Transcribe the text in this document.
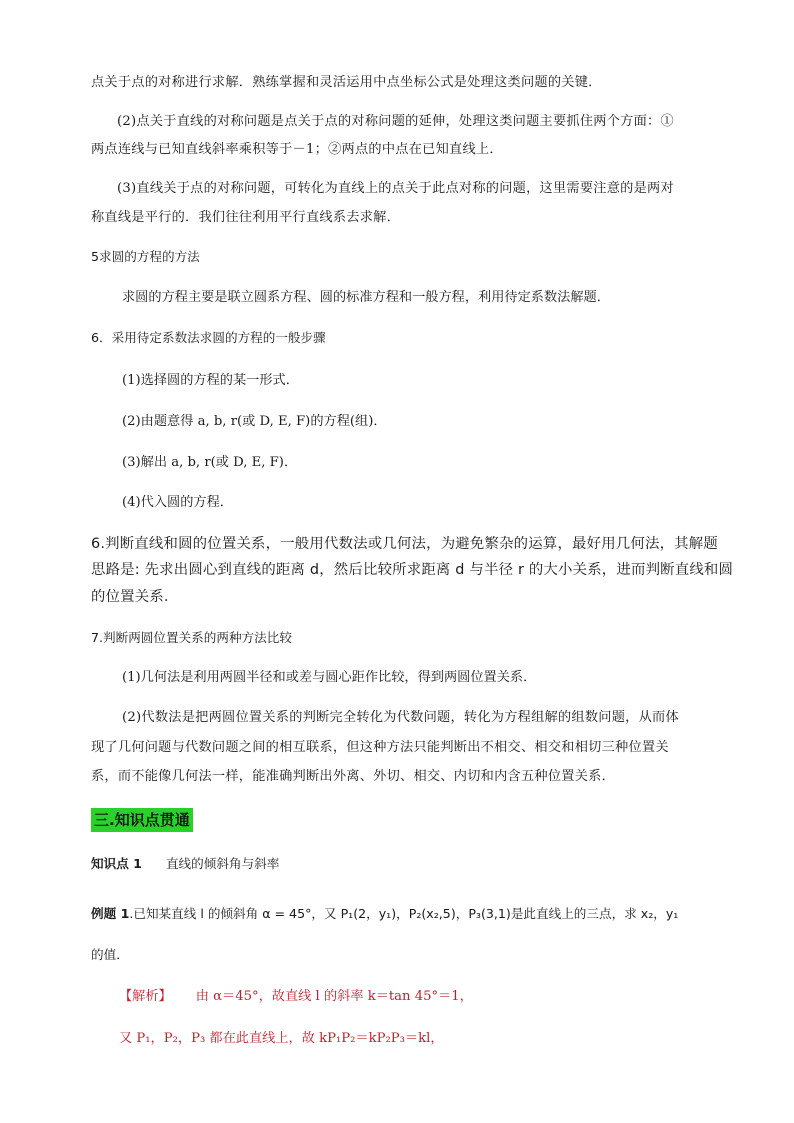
点关于点的对称进行求解．熟练掌握和灵活运用中点坐标公式是处理这类问题的关键．
(2)点关于直线的对称问题是点关于点的对称问题的延伸，处理这类问题主要抓住两个方面：①
两点连线与已知直线斜率乘积等于－1；②两点的中点在已知直线上．
(3)直线关于点的对称问题，可转化为直线上的点关于此点对称的问题，这里需要注意的是两对
称直线是平行的．我们往往利用平行直线系去求解．
5求圆的方程的方法
求圆的方程主要是联立圆系方程、圆的标准方程和一般方程，利用待定系数法解题．
6．采用待定系数法求圆的方程的一般步骤
(1)选择圆的方程的某一形式．
(2)由题意得 a, b, r(或 D, E, F)的方程(组)．
(3)解出 a, b, r(或 D, E, F)．
(4)代入圆的方程．
6.判断直线和圆的位置关系，一般用代数法或几何法，为避免繁杂的运算，最好用几何法，其解题
思路是: 先求出圆心到直线的距离 d，然后比较所求距离 d 与半径 r 的大小关系，进而判断直线和圆
的位置关系．
7.判断两圆位置关系的两种方法比较
(1)几何法是利用两圆半径和或差与圆心距作比较，得到两圆位置关系．
(2)代数法是把两圆位置关系的判断完全转化为代数问题，转化为方程组解的组数问题，从而体
现了几何问题与代数问题之间的相互联系，但这种方法只能判断出不相交、相交和相切三种位置关
系，而不能像几何法一样，能准确判断出外离、外切、相交、内切和内含五种位置关系．
三.知识点贯通
知识点 1 直线的倾斜角与斜率
例题 1.已知某直线 l 的倾斜角 α = 45°，又 P₁(2，y₁)，P₂(x₂,5)，P₃(3,1)是此直线上的三点，求 x₂，y₁
的值．
【解析】 由 α＝45°，故直线 l 的斜率 k＝tan 45°＝1，
又 P₁，P₂，P₃ 都在此直线上，故 kP₁P₂＝kP₂P₃＝kl，
